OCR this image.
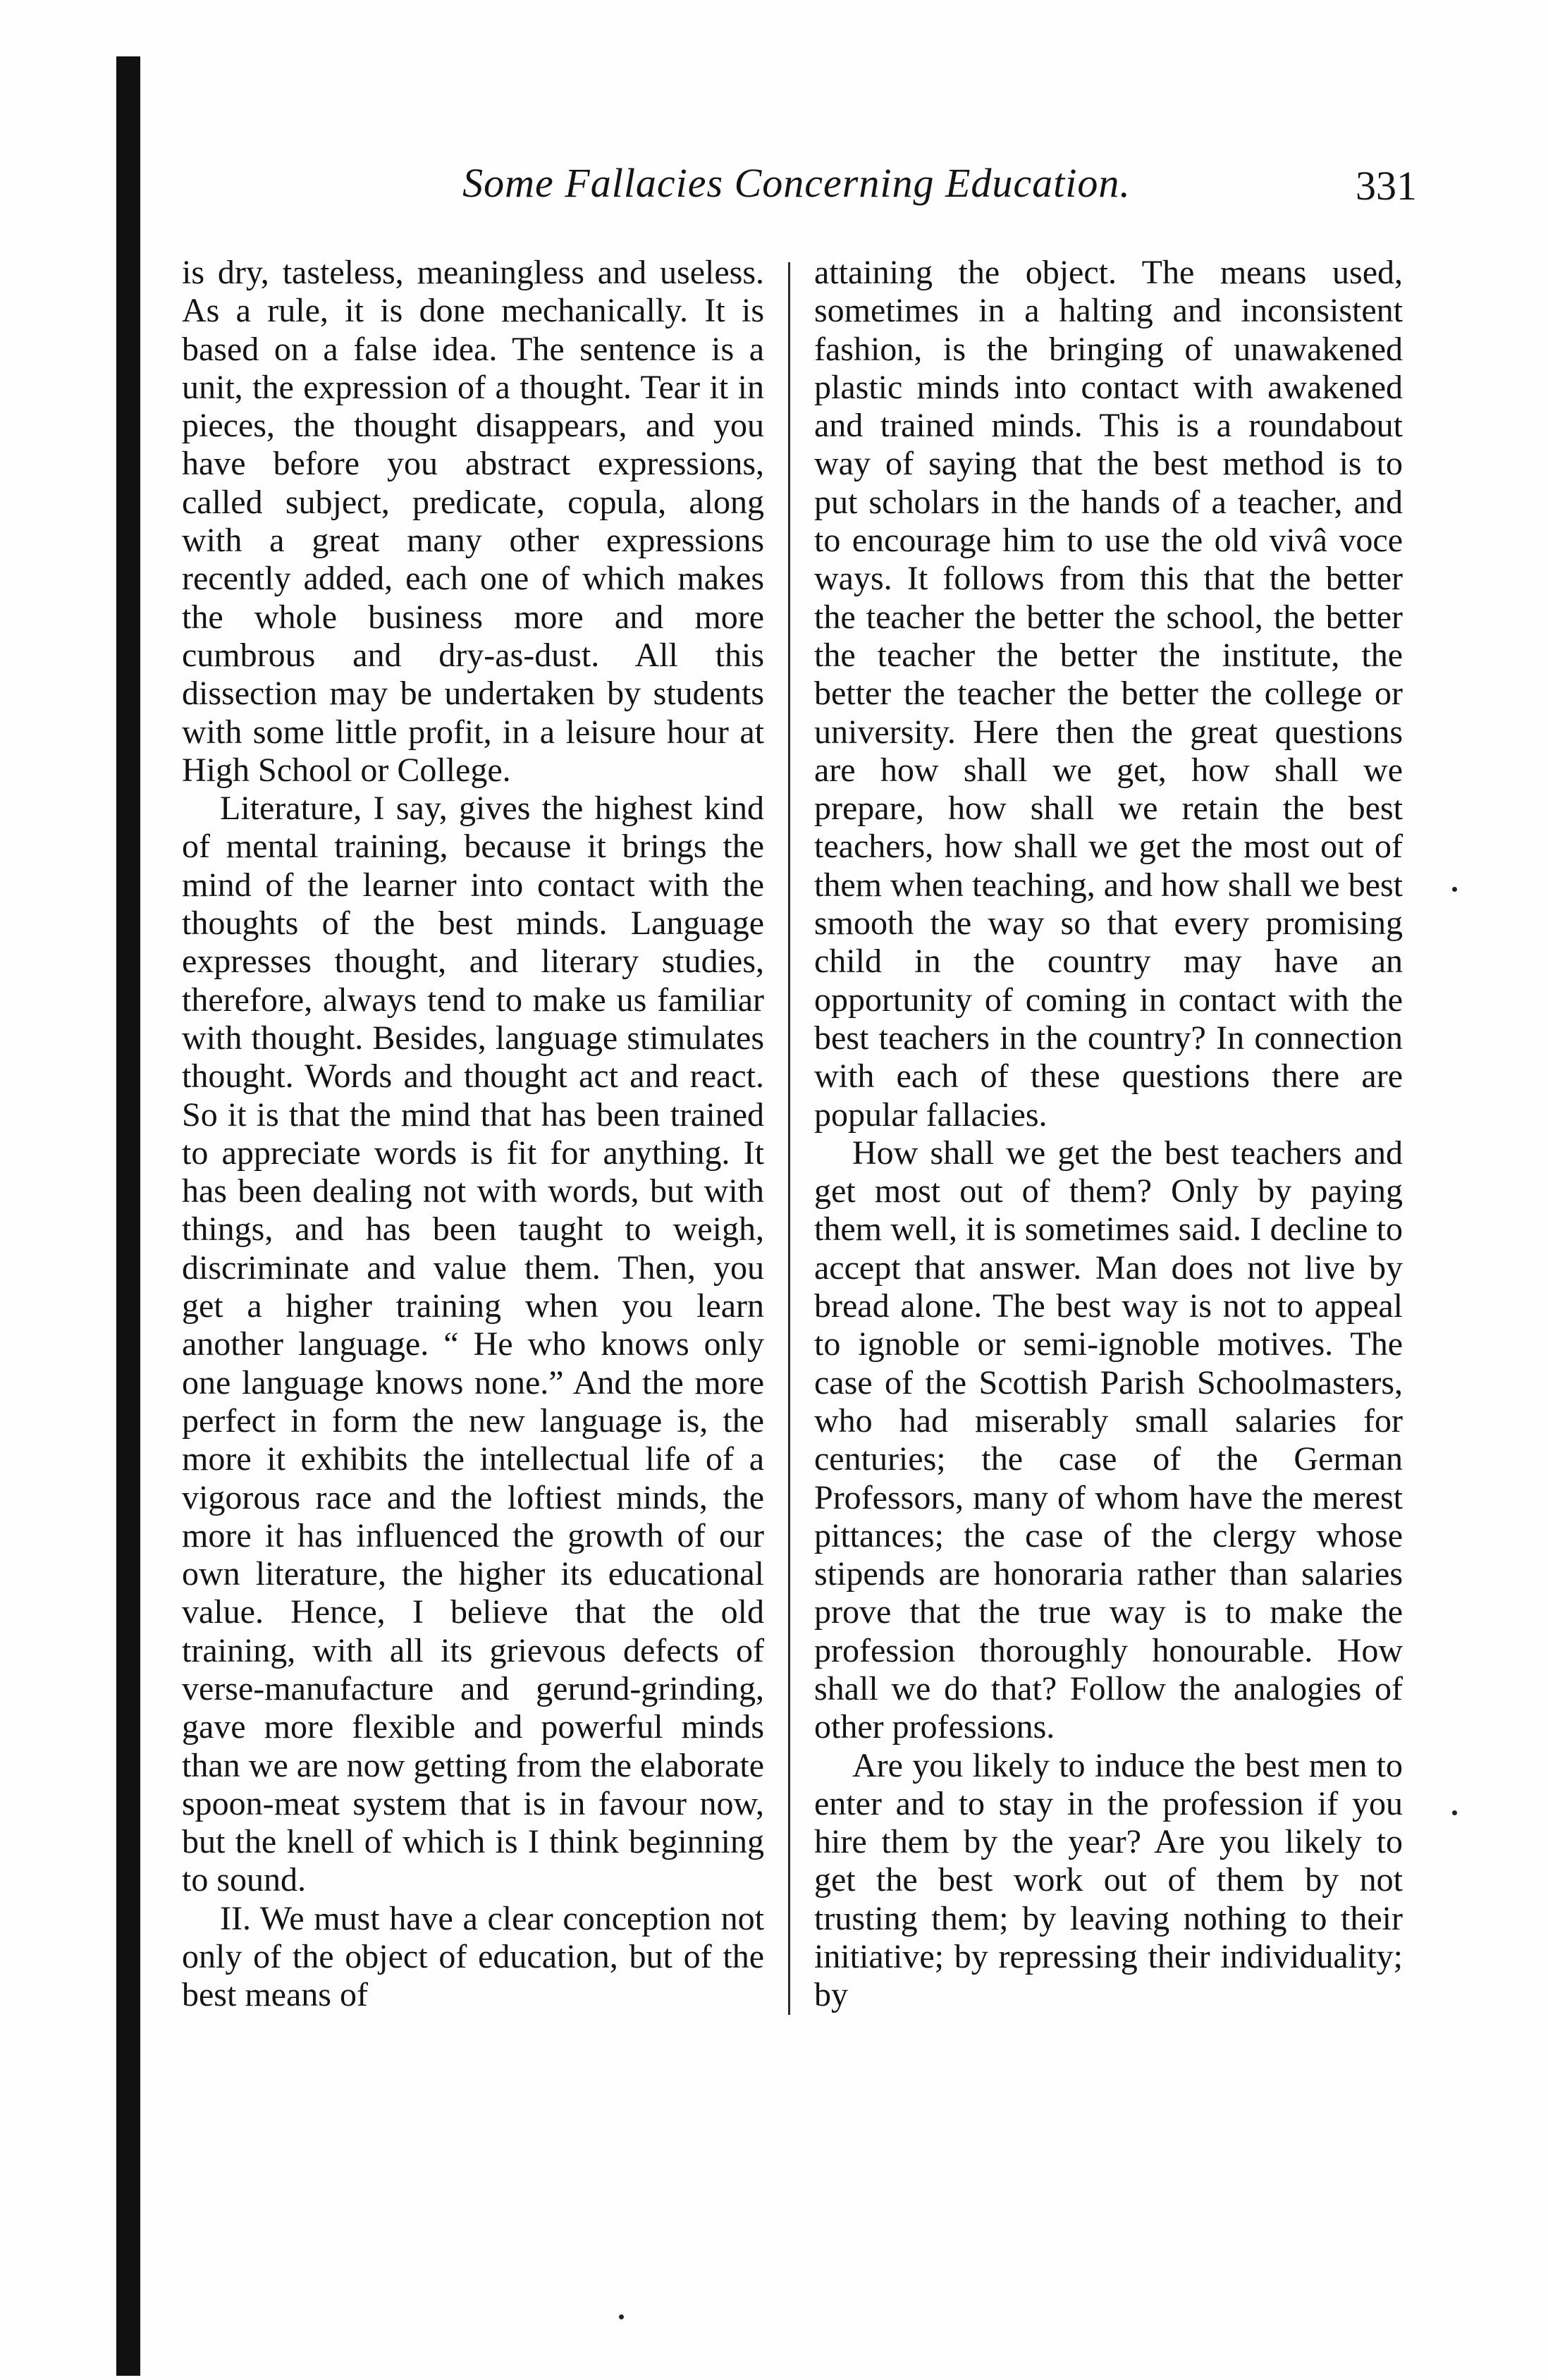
Some Fallacies Concerning Education.	331

is dry, tasteless, meaningless and useless. As a rule, it is done mechanically. It is based on a false idea. The sentence is a unit, the expression of a thought. Tear it in pieces, the thought disappears, and you have before you abstract expressions, called subject, predicate, copula, along with a great many other expressions recently added, each one of which makes the whole business more and more cumbrous and dry-as-dust. All this dissection may be undertaken by students with some little profit, in a leisure hour at High School or College.

Literature, I say, gives the highest kind of mental training, because it brings the mind of the learner into contact with the thoughts of the best minds. Language expresses thought, and literary studies, therefore, always tend to make us familiar with thought. Besides, language stimulates thought. Words and thought act and react. So it is that the mind that has been trained to appreciate words is fit for anything. It has been dealing not with words, but with things, and has been taught to weigh, discriminate and value them. Then, you get a higher training when you learn another language. “ He who knows only one language knows none.” And the more perfect in form the new language is, the more it exhibits the intellectual life of a vigorous race and the loftiest minds, the more it has influenced the growth of our own literature, the higher its educational value. Hence, I believe that the old training, with all its grievous defects of verse-manufacture and gerund-grinding, gave more flexible and powerful minds than we are now getting from the elaborate spoon-meat system that is in favour now, but the knell of which is I think beginning to sound.

II. We must have a clear conception not only of the object of education, but of the best means of

attaining the object. The means used, sometimes in a halting and inconsistent fashion, is the bringing of unawakened plastic minds into contact with awakened and trained minds. This is a roundabout way of saying that the best method is to put scholars in the hands of a teacher, and to encourage him to use the old vivâ voce ways. It follows from this that the better the teacher the better the school, the better the teacher the better the institute, the better the teacher the better the college or university. Here then the great questions are how shall we get, how shall we prepare, how shall we retain the best teachers, how shall we get the most out of them when teaching, and how shall we best smooth the way so that every promising child in the country may have an opportunity of coming in contact with the best teachers in the country? In connection with each of these questions there are popular fallacies.

How shall we get the best teachers and get most out of them? Only by paying them well, it is sometimes said. I decline to accept that answer. Man does not live by bread alone. The best way is not to appeal to ignoble or semi-ignoble motives. The case of the Scottish Parish Schoolmasters, who had miserably small salaries for centuries; the case of the German Professors, many of whom have the merest pittances; the case of the clergy whose stipends are honoraria rather than salaries prove that the true way is to make the profession thoroughly honourable. How shall we do that? Follow the analogies of other professions.

Are you likely to induce the best men to enter and to stay in the profession if you hire them by the year? Are you likely to get the best work out of them by not trusting them; by leaving nothing to their initiative; by repressing their individuality; by
